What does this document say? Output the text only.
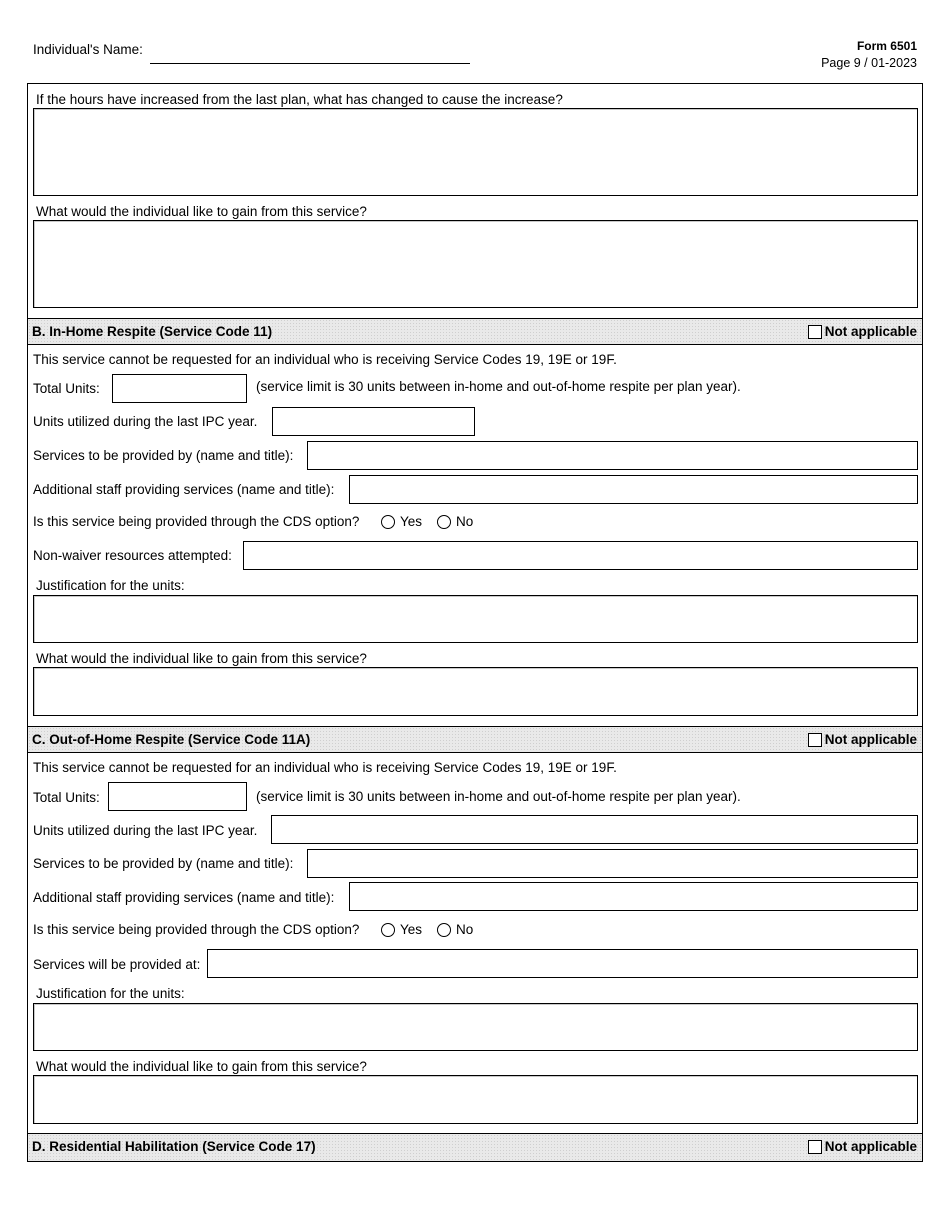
Individual's Name:	Form 6501
Page 9 / 01-2023
If the hours have increased from the last plan, what has changed to cause the increase?
What would the individual like to gain from this service?
B. In-Home Respite (Service Code 11)	Not applicable
This service cannot be requested for an individual who is receiving Service Codes 19, 19E or 19F.
Total Units:	(service limit is 30 units between in-home and out-of-home respite per plan year).
Units utilized during the last IPC year.
Services to be provided by (name and title):
Additional staff providing services (name and title):
Is this service being provided through the CDS option?	Yes	No
Non-waiver resources attempted:
Justification for the units:
What would the individual like to gain from this service?
C. Out-of-Home Respite (Service Code 11A)	Not applicable
This service cannot be requested for an individual who is receiving Service Codes 19, 19E or 19F.
Total Units:	(service limit is 30 units between in-home and out-of-home respite per plan year).
Units utilized during the last IPC year.
Services to be provided by (name and title):
Additional staff providing services (name and title):
Is this service being provided through the CDS option?	Yes	No
Services will be provided at:
Justification for the units:
What would the individual like to gain from this service?
D. Residential Habilitation (Service Code 17)	Not applicable
